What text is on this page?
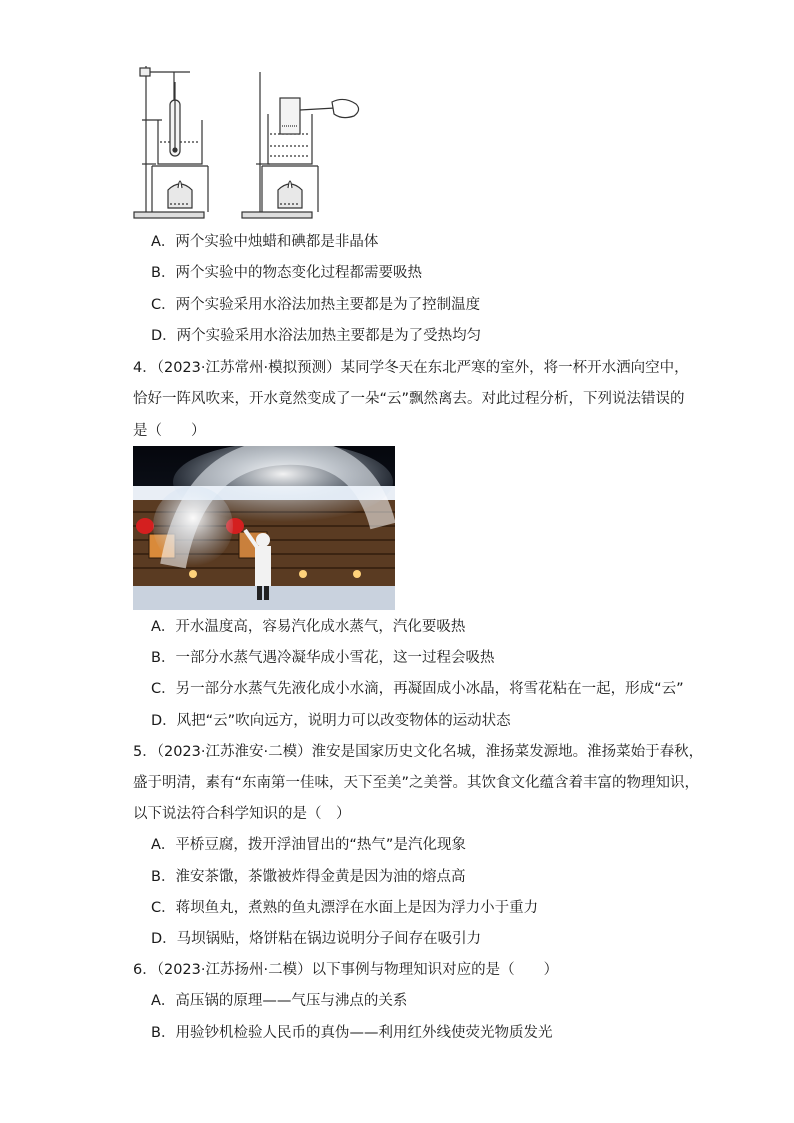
A．两个实验中烛蜡和碘都是非晶体
B．两个实验中的物态变化过程都需要吸热
C．两个实验采用水浴法加热主要都是为了控制温度
D．两个实验采用水浴法加热主要都是为了受热均匀
4．（2023·江苏常州·模拟预测）某同学冬天在东北严寒的室外，将一杯开水洒向空中，
恰好一阵风吹来，开水竟然变成了一朵“云”飘然离去。对此过程分析，下列说法错误的
是（　　）
A．开水温度高，容易汽化成水蒸气，汽化要吸热
B．一部分水蒸气遇冷凝华成小雪花，这一过程会吸热
C．另一部分水蒸气先液化成小水滴，再凝固成小冰晶，将雪花粘在一起，形成“云”
D．风把“云”吹向远方，说明力可以改变物体的运动状态
5．（2023·江苏淮安·二模）淮安是国家历史文化名城，淮扬菜发源地。淮扬菜始于春秋，
盛于明清，素有“东南第一佳味，天下至美”之美誉。其饮食文化蕴含着丰富的物理知识，
以下说法符合科学知识的是（　）
A．平桥豆腐，拨开浮油冒出的“热气”是汽化现象
B．淮安茶馓，茶馓被炸得金黄是因为油的熔点高
C．蒋坝鱼丸，煮熟的鱼丸漂浮在水面上是因为浮力小于重力
D．马坝锅贴，烙饼粘在锅边说明分子间存在吸引力
6．（2023·江苏扬州·二模）以下事例与物理知识对应的是（　　）
A．高压锅的原理——气压与沸点的关系
B．用验钞机检验人民币的真伪——利用红外线使荧光物质发光
